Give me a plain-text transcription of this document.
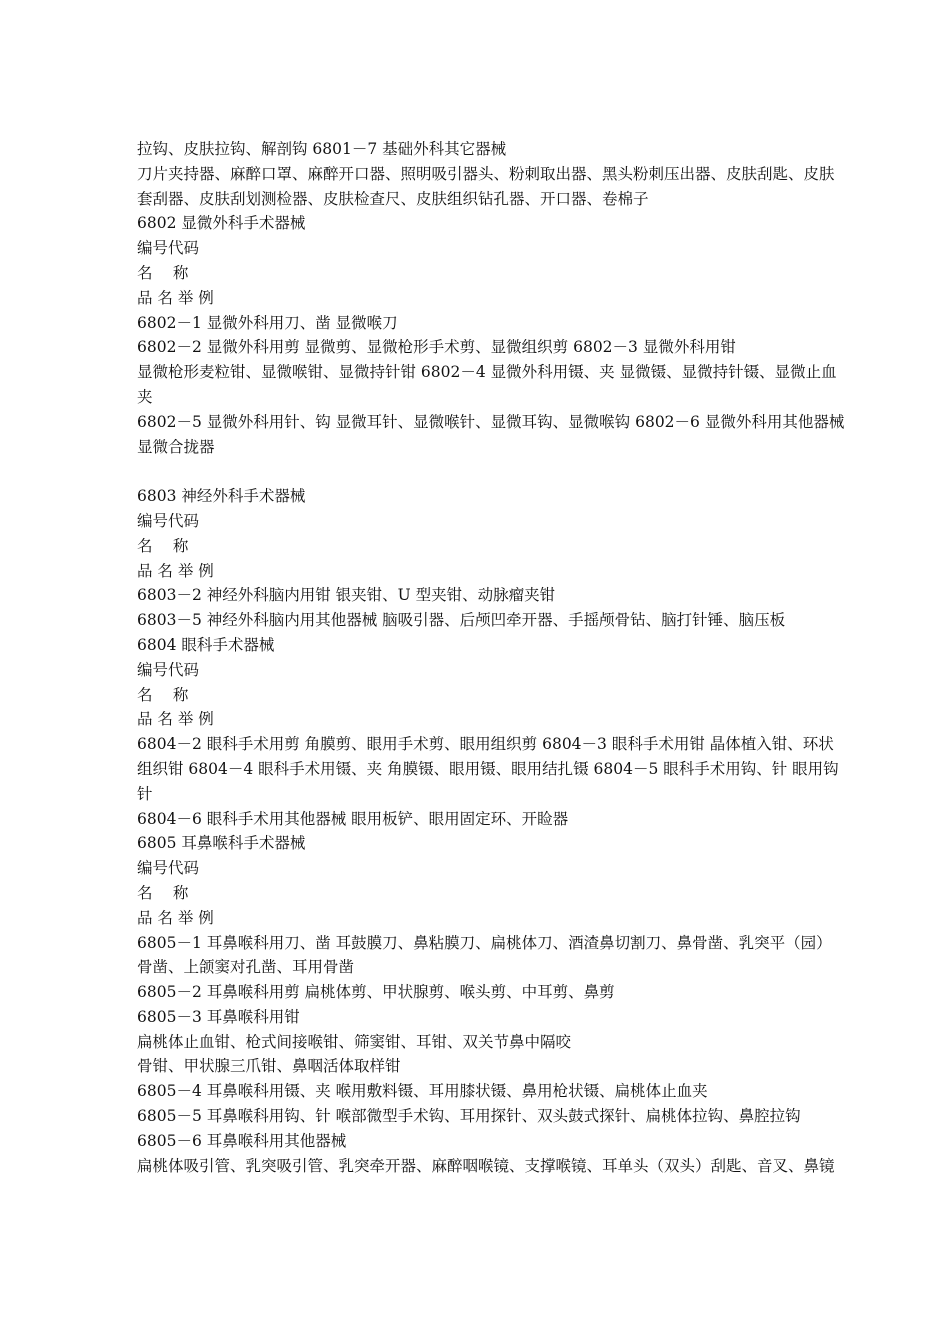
拉钩、皮肤拉钩、解剖钩 6801－7 基础外科其它器械

刀片夹持器、麻醉口罩、麻醉开口器、照明吸引器头、粉刺取出器、黑头粉刺压出器、皮肤刮匙、皮肤套刮器、皮肤刮划测检器、皮肤检查尺、皮肤组织钻孔器、开口器、卷棉子

6802 显微外科手术器械

编号代码

名　 称

品 名 举 例

6802－1 显微外科用刀、凿 显微喉刀

6802－2 显微外科用剪 显微剪、显微枪形手术剪、显微组织剪 6802－3 显微外科用钳

显微枪形麦粒钳、显微喉钳、显微持针钳 6802－4 显微外科用镊、夹 显微镊、显微持针镊、显微止血夹

6802－5 显微外科用针、钩 显微耳针、显微喉针、显微耳钩、显微喉钩 6802－6 显微外科用其他器械

显微合拢器

6803 神经外科手术器械

编号代码

名　 称

品 名 举 例

6803－2 神经外科脑内用钳 银夹钳、U 型夹钳、动脉瘤夹钳

6803－5 神经外科脑内用其他器械 脑吸引器、后颅凹牵开器、手摇颅骨钻、脑打针锤、脑压板

6804 眼科手术器械

编号代码

名　 称

品 名 举 例

6804－2 眼科手术用剪 角膜剪、眼用手术剪、眼用组织剪 6804－3 眼科手术用钳 晶体植入钳、环状组织钳 6804－4 眼科手术用镊、夹 角膜镊、眼用镊、眼用结扎镊 6804－5 眼科手术用钩、针 眼用钩针

6804－6 眼科手术用其他器械 眼用板铲、眼用固定环、开睑器

6805 耳鼻喉科手术器械

编号代码

名　 称

品 名 举 例

6805－1 耳鼻喉科用刀、凿 耳鼓膜刀、鼻粘膜刀、扁桃体刀、酒渣鼻切割刀、鼻骨凿、乳突平（园）骨凿、上颌窦对孔凿、耳用骨凿

6805－2 耳鼻喉科用剪 扁桃体剪、甲状腺剪、喉头剪、中耳剪、鼻剪

6805－3 耳鼻喉科用钳

扁桃体止血钳、枪式间接喉钳、筛窦钳、耳钳、双关节鼻中隔咬

骨钳、甲状腺三爪钳、鼻咽活体取样钳

6805－4 耳鼻喉科用镊、夹 喉用敷料镊、耳用膝状镊、鼻用枪状镊、扁桃体止血夹

6805－5 耳鼻喉科用钩、针 喉部微型手术钩、耳用探针、双头鼓式探针、扁桃体拉钩、鼻腔拉钩

6805－6 耳鼻喉科用其他器械

扁桃体吸引管、乳突吸引管、乳突牵开器、麻醉咽喉镜、支撑喉镜、耳单头（双头）刮匙、音叉、鼻镜
